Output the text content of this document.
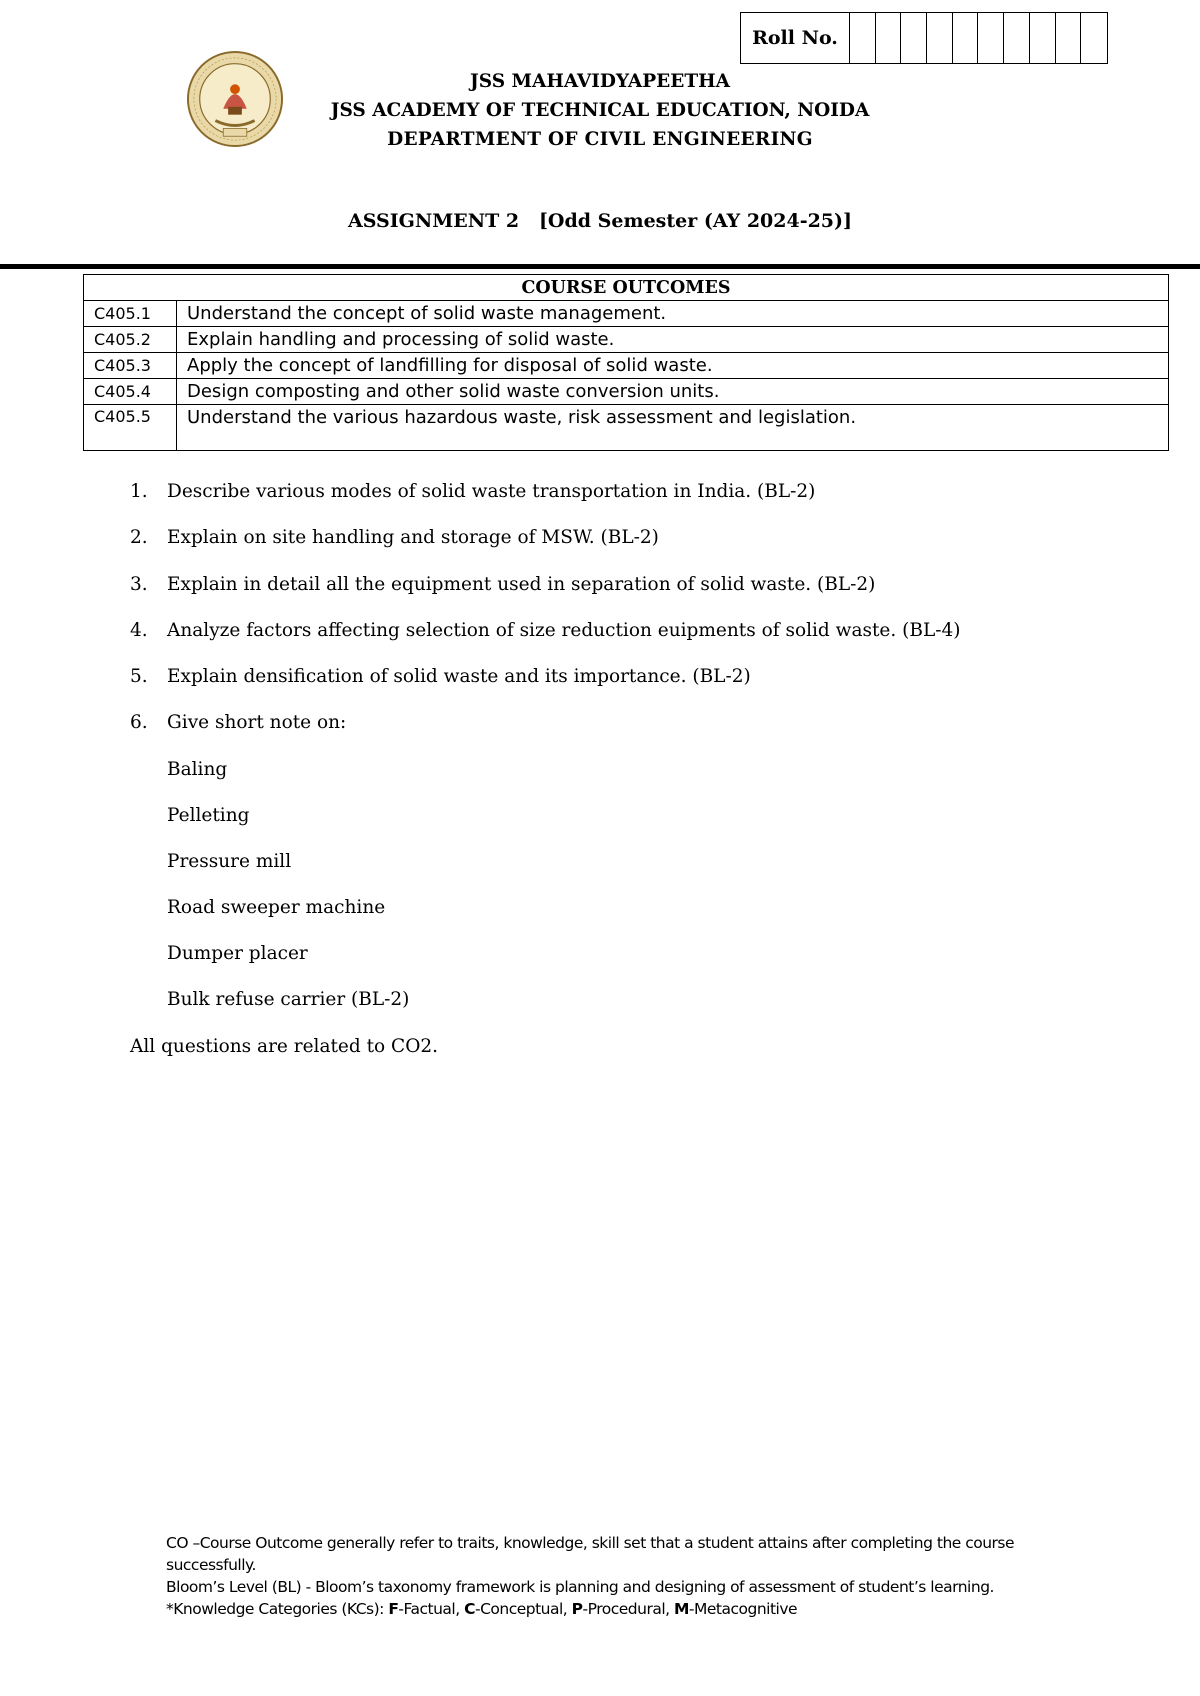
Roll No.
JSS MAHAVIDYAPEETHA
JSS ACADEMY OF TECHNICAL EDUCATION, NOIDA
DEPARTMENT OF CIVIL ENGINEERING
ASSIGNMENT 2 [Odd Semester (AY 2024-25)]
COURSE OUTCOMES	
C405.1	Understand the concept of solid waste management.
C405.2	Explain handling and processing of solid waste.
C405.3	Apply the concept of landfilling for disposal of solid waste.
C405.4	Design composting and other solid waste conversion units.
C405.5	Understand the various hazardous waste, risk assessment and legislation.
1. Describe various modes of solid waste transportation in India. (BL-2)
2. Explain on site handling and storage of MSW. (BL-2)
3. Explain in detail all the equipment used in separation of solid waste. (BL-2)
4. Analyze factors affecting selection of size reduction euipments of solid waste. (BL-4)
5. Explain densification of solid waste and its importance. (BL-2)
6. Give short note on:
Baling
Pelleting
Pressure mill
Road sweeper machine
Dumper placer
Bulk refuse carrier (BL-2)
All questions are related to CO2.
CO –Course Outcome generally refer to traits, knowledge, skill set that a student attains after completing the course
successfully.
Bloom’s Level (BL) - Bloom’s taxonomy framework is planning and designing of assessment of student’s learning.
*Knowledge Categories (KCs): F-Factual, C-Conceptual, P-Procedural, M-Metacognitive
